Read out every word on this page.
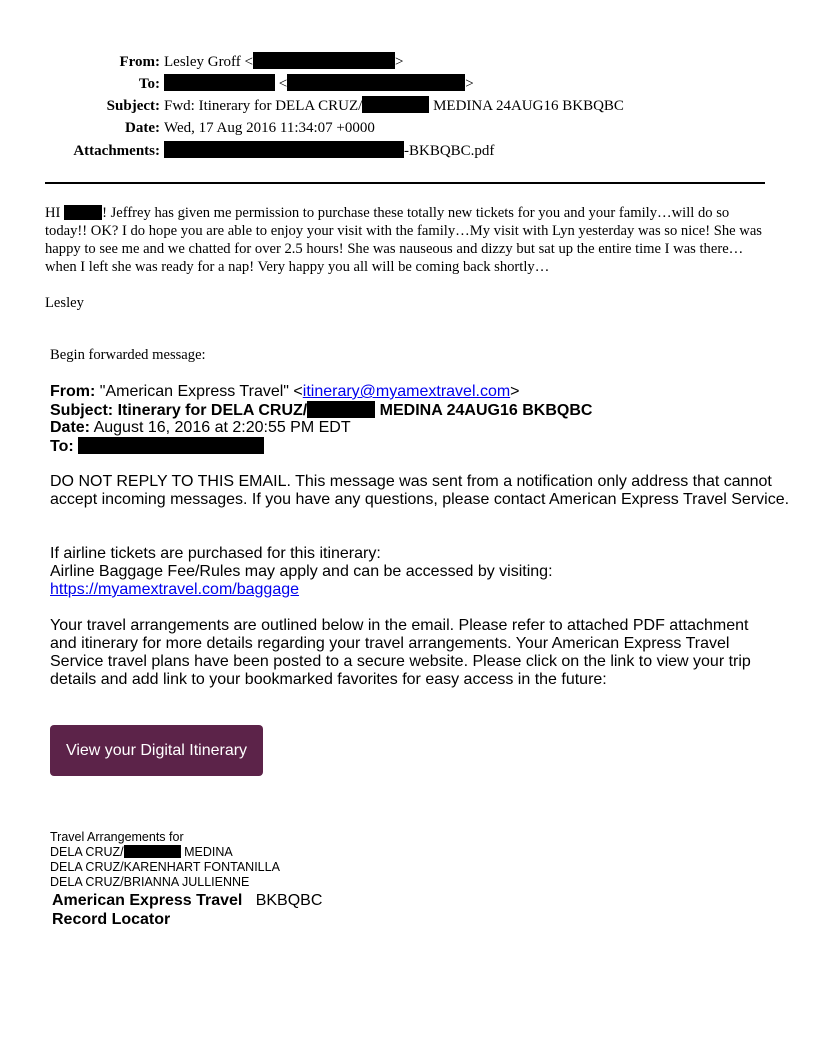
From: Lesley Groff <	>
To:	<	>
Subject: Fwd: Itinerary for DELA CRUZ/	MEDINA 24AUG16 BKBQBC
Date: Wed, 17 Aug 2016 11:34:07 +0000
Attachments:	-BKBQBC.pdf
HI	! Jeffrey has given me permission to purchase these totally new tickets for you and your family…will do so today!! OK? I do hope you are able to enjoy your visit with the family…My visit with Lyn yesterday was so nice! She was happy to see me and we chatted for over 2.5 hours! She was nauseous and dizzy but sat up the entire time I was there…when I left she was ready for a nap! Very happy you all will be coming back shortly…
Lesley
Begin forwarded message:
From: "American Express Travel" <itinerary@myamextravel.com>
Subject: Itinerary for DELA CRUZ/	MEDINA 24AUG16 BKBQBC
Date: August 16, 2016 at 2:20:55 PM EDT
To:
DO NOT REPLY TO THIS EMAIL. This message was sent from a notification only address that cannot accept incoming messages. If you have any questions, please contact American Express Travel Service.
If airline tickets are purchased for this itinerary:
Airline Baggage Fee/Rules may apply and can be accessed by visiting:
https://myamextravel.com/baggage
Your travel arrangements are outlined below in the email. Please refer to attached PDF attachment and itinerary for more details regarding your travel arrangements. Your American Express Travel Service travel plans have been posted to a secure website. Please click on the link to view your trip details and add link to your bookmarked favorites for easy access in the future:
View your Digital Itinerary
Travel Arrangements for
DELA CRUZ/	MEDINA
DELA CRUZ/KARENHART FONTANILLA
DELA CRUZ/BRIANNA JULLIENNE
American Express Travel BKBQBC
Record Locator
